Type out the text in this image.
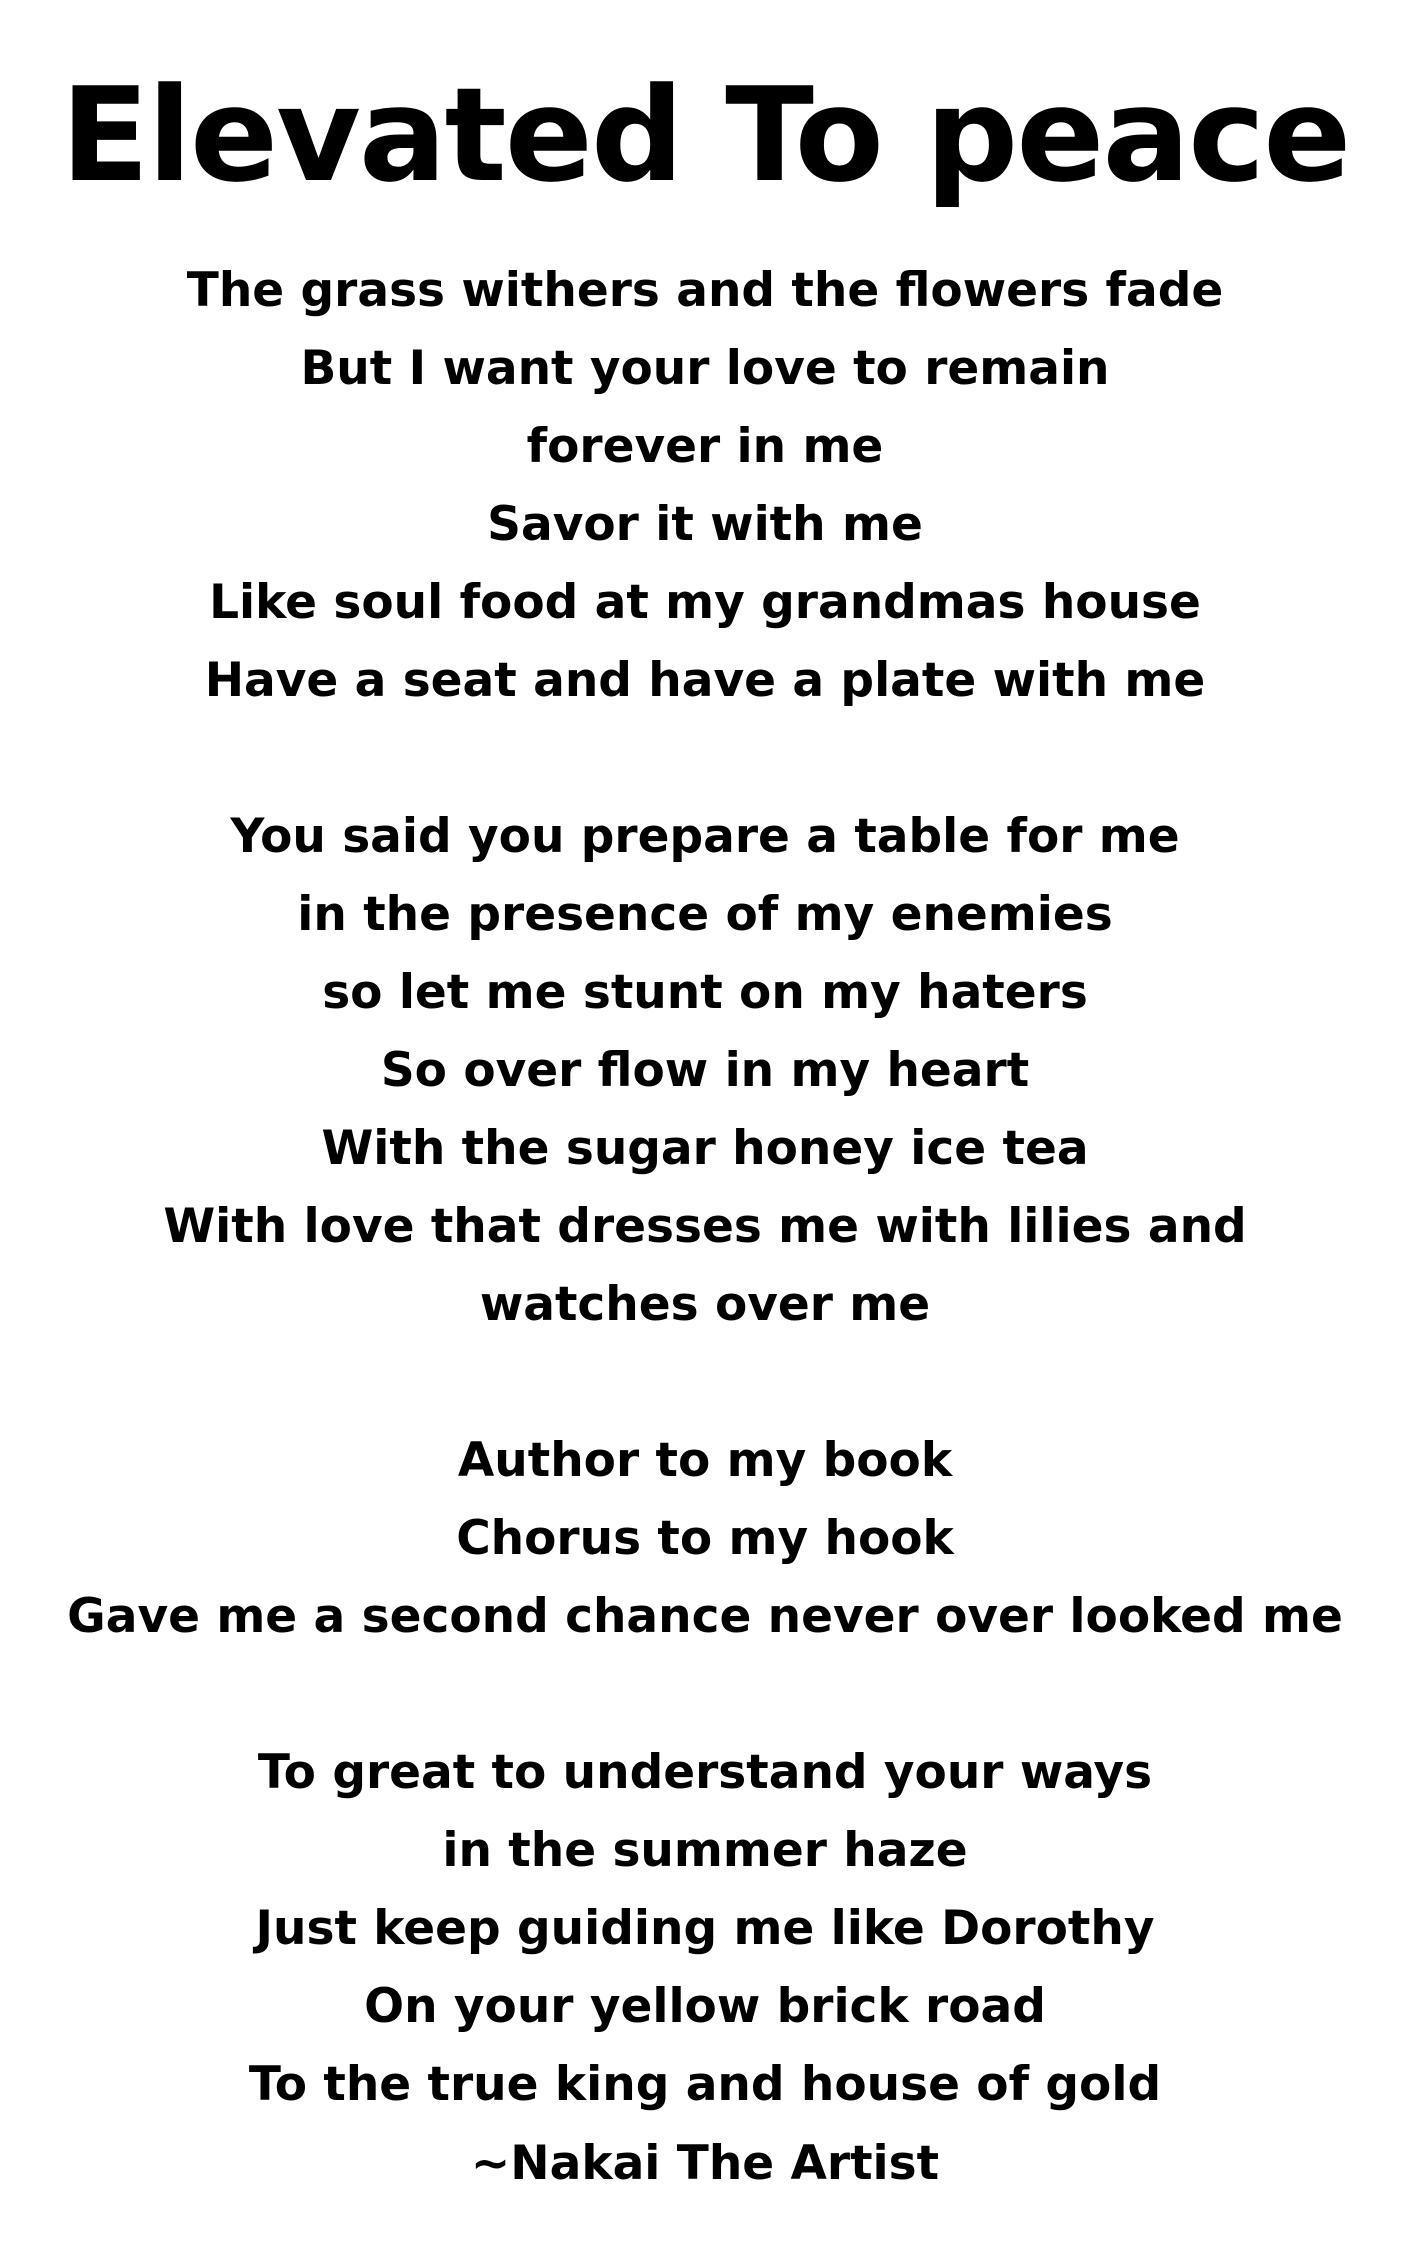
Elevated To peace
The grass withers and the flowers fade
But I want your love to remain
forever in me
Savor it with me
Like soul food at my grandmas house
Have a seat and have a plate with me
You said you prepare a table for me
in the presence of my enemies
so let me stunt on my haters
So over flow in my heart
With the sugar honey ice tea
With love that dresses me with lilies and
watches over me
Author to my book
Chorus to my hook
Gave me a second chance never over looked me
To great to understand your ways
in the summer haze
Just keep guiding me like Dorothy
On your yellow brick road
To the true king and house of gold
~Nakai The Artist
